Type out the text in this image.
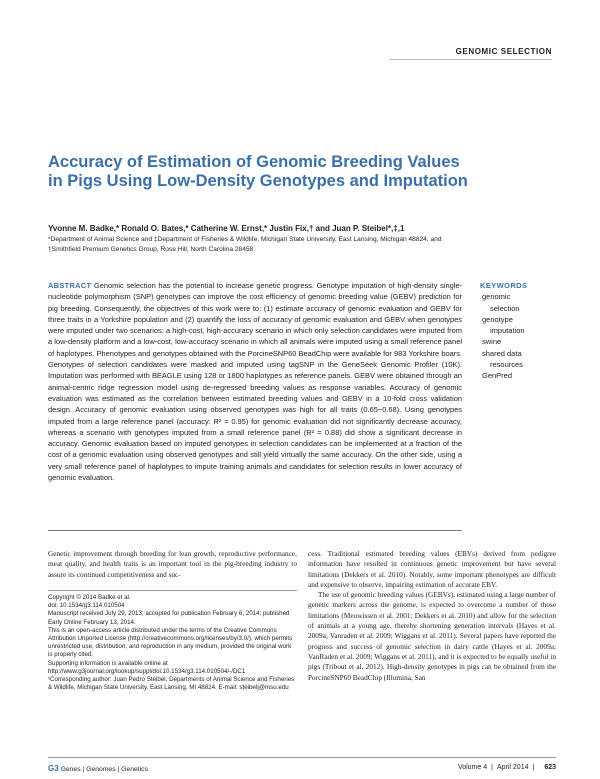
GENOMIC SELECTION
Accuracy of Estimation of Genomic Breeding Values in Pigs Using Low-Density Genotypes and Imputation
Yvonne M. Badke,* Ronald O. Bates,* Catherine W. Ernst,* Justin Fix,† and Juan P. Steibel*,‡,1
*Department of Animal Science and ‡Department of Fisheries & Wildlife, Michigan State University, East Lansing, Michigan 48824, and †Smithfield Premium Genetics Group, Rose Hill, North Carolina 28458
ABSTRACT Genomic selection has the potential to increase genetic progress. Genotype imputation of high-density single-nucleotide polymorphism (SNP) genotypes can improve the cost efficiency of genomic breeding value (GEBV) prediction for pig breeding. Consequently, the objectives of this work were to: (1) estimate accuracy of genomic evaluation and GEBV for three traits in a Yorkshire population and (2) quantify the loss of accuracy of genomic evaluation and GEBV when genotypes were imputed under two scenarios: a high-cost, high-accuracy scenario in which only selection candidates were imputed from a low-density platform and a low-cost, low-accuracy scenario in which all animals were imputed using a small reference panel of haplotypes. Phenotypes and genotypes obtained with the PorcineSNP60 BeadChip were available for 983 Yorkshire boars. Genotypes of selection candidates were masked and imputed using tagSNP in the GeneSeek Genomic Profiler (10K). Imputation was performed with BEAGLE using 128 or 1800 haplotypes as reference panels. GEBV were obtained through an animal-centric ridge regression model using de-regressed breeding values as response variables. Accuracy of genomic evaluation was estimated as the correlation between estimated breeding values and GEBV in a 10-fold cross validation design. Accuracy of genomic evaluation using observed genotypes was high for all traits (0.65−0.68). Using genotypes imputed from a large reference panel (accuracy: R² = 0.95) for genomic evaluation did not significantly decrease accuracy, whereas a scenario with genotypes imputed from a small reference panel (R² = 0.88) did show a significant decrease in accuracy. Genomic evaluation based on imputed genotypes in selection candidates can be implemented at a fraction of the cost of a genomic evaluation using observed genotypes and still yield virtually the same accuracy. On the other side, using a very small reference panel of haplotypes to impute training animals and candidates for selection results in lower accuracy of genomic evaluation.
KEYWORDS
genomic
selection
genotype
imputation
swine
shared data
resources
GenPred

Genetic improvement through breeding for lean growth, reproductive performance, meat quality, and health traits is an important tool in the pig-breeding industry to assure its continued competitiveness and suc-

Copyright © 2014 Badke et al.
doi: 10.1534/g3.114.010504
Manuscript received July 29, 2013; accepted for publication February 6, 2014; published Early Online February 13, 2014.
This is an open-access article distributed under the terms of the Creative Commons Attribution Unported License (http://creativecommons.org/licenses/by/3.0/), which permits unrestricted use, distribution, and reproduction in any medium, provided the original work is properly cited.
Supporting information is available online at http://www.g3journal.org/lookup/suppl/doi:10.1534/g3.114.010504/-/DC1
¹Corresponding author: Juan Pedro Steibel, Departments of Animal Science and Fisheries & Wildlife, Michigan State University, East Lansing, MI 48824. E-mail: steibelj@msu.edu

cess. Traditional estimated breeding values (EBVs) derived from pedigree information have resulted in continuous genetic improvement but have several limitations (Dekkers et al. 2010). Notably, some important phenotypes are difficult and expensive to observe, impairing estimation of accurate EBV.

The use of genomic breeding values (GEBVs), estimated using a large number of genetic markers across the genome, is expected to overcome a number of those limitations (Meuwissen et al. 2001; Dekkers et al. 2010) and allow for the selection of animals at a young age, thereby shortening generation intervals (Hayes et al. 2009a; Vanraden et al. 2009; Wiggans et al. 2011). Several papers have reported the progress and success of genomic selection in dairy cattle (Hayes et al. 2009a; VanRaden et al. 2009; Wiggans et al. 2011), and it is expected to be equally useful in pigs (Tribout et al. 2012). High-density genotypes in pigs can be obtained from the PorcineSNP60 BeadChip (Illumina, San

G3 Genes | Genomes | Genetics	Volume 4 | April 2014 | 623
